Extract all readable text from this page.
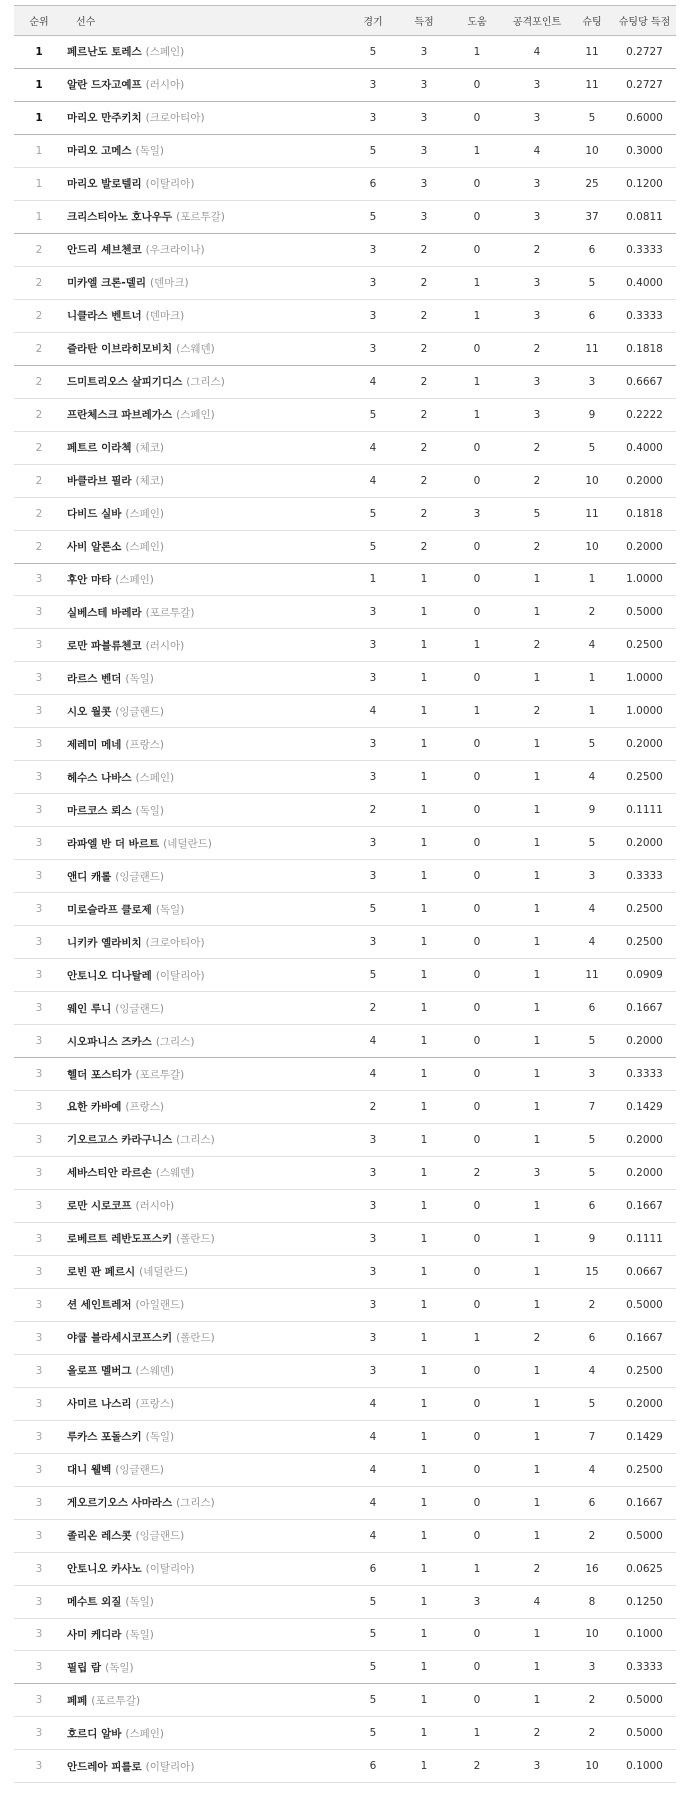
순위	선수	경기	득점	도움	공격포인트	슈팅	슈팅당 득점
1	페르난도 토레스 (스페인)	5	3	1	4	11	0.2727
1	알란 드자고예프 (러시아)	3	3	0	3	11	0.2727
1	마리오 만주키치 (크로아티아)	3	3	0	3	5	0.6000
1	마리오 고메스 (독일)	5	3	1	4	10	0.3000
1	마리오 발로텔리 (이탈리아)	6	3	0	3	25	0.1200
1	크리스티아노 호나우두 (포르투갈)	5	3	0	3	37	0.0811
2	안드리 셰브첸코 (우크라이나)	3	2	0	2	6	0.3333
2	미카엘 크론-델리 (덴마크)	3	2	1	3	5	0.4000
2	니클라스 벤트너 (덴마크)	3	2	1	3	6	0.3333
2	즐라탄 이브라히모비치 (스웨덴)	3	2	0	2	11	0.1818
2	드미트리오스 살피기디스 (그리스)	4	2	1	3	3	0.6667
2	프란체스크 파브레가스 (스페인)	5	2	1	3	9	0.2222
2	페트르 이라첵 (체코)	4	2	0	2	5	0.4000
2	바클라브 필라 (체코)	4	2	0	2	10	0.2000
2	다비드 실바 (스페인)	5	2	3	5	11	0.1818
2	사비 알론소 (스페인)	5	2	0	2	10	0.2000
3	후안 마타 (스페인)	1	1	0	1	1	1.0000
3	실베스테 바레라 (포르투갈)	3	1	0	1	2	0.5000
3	로만 파블류첸코 (러시아)	3	1	1	2	4	0.2500
3	라르스 벤더 (독일)	3	1	0	1	1	1.0000
3	시오 월콧 (잉글랜드)	4	1	1	2	1	1.0000
3	제레미 메네 (프랑스)	3	1	0	1	5	0.2000
3	헤수스 나바스 (스페인)	3	1	0	1	4	0.2500
3	마르코스 뢰스 (독일)	2	1	0	1	9	0.1111
3	라파엘 반 더 바르트 (네덜란드)	3	1	0	1	5	0.2000
3	앤디 캐롤 (잉글랜드)	3	1	0	1	3	0.3333
3	미로슬라프 클로제 (독일)	5	1	0	1	4	0.2500
3	니키카 옐라비치 (크로아티아)	3	1	0	1	4	0.2500
3	안토니오 디나탈레 (이탈리아)	5	1	0	1	11	0.0909
3	웨인 루니 (잉글랜드)	2	1	0	1	6	0.1667
3	시오파니스 즈카스 (그리스)	4	1	0	1	5	0.2000
3	헬더 포스티가 (포르투갈)	4	1	0	1	3	0.3333
3	요한 카바예 (프랑스)	2	1	0	1	7	0.1429
3	기오르고스 카라구니스 (그리스)	3	1	0	1	5	0.2000
3	세바스티안 라르손 (스웨덴)	3	1	2	3	5	0.2000
3	로만 시로코프 (러시아)	3	1	0	1	6	0.1667
3	로베르트 레반도프스키 (폴란드)	3	1	0	1	9	0.1111
3	로빈 판 페르시 (네덜란드)	3	1	0	1	15	0.0667
3	션 세인트레저 (아일랜드)	3	1	0	1	2	0.5000
3	야쿱 블라세시코프스키 (폴란드)	3	1	1	2	6	0.1667
3	올로프 멜버그 (스웨덴)	3	1	0	1	4	0.2500
3	사미르 나스리 (프랑스)	4	1	0	1	5	0.2000
3	루카스 포돌스키 (독일)	4	1	0	1	7	0.1429
3	대니 웰벡 (잉글랜드)	4	1	0	1	4	0.2500
3	게오르기오스 사마라스 (그리스)	4	1	0	1	6	0.1667
3	졸리온 레스콧 (잉글랜드)	4	1	0	1	2	0.5000
3	안토니오 카사노 (이탈리아)	6	1	1	2	16	0.0625
3	메수트 외질 (독일)	5	1	3	4	8	0.1250
3	사미 케디라 (독일)	5	1	0	1	10	0.1000
3	필립 람 (독일)	5	1	0	1	3	0.3333
3	페페 (포르투갈)	5	1	0	1	2	0.5000
3	호르디 알바 (스페인)	5	1	1	2	2	0.5000
3	안드레아 피를로 (이탈리아)	6	1	2	3	10	0.1000
